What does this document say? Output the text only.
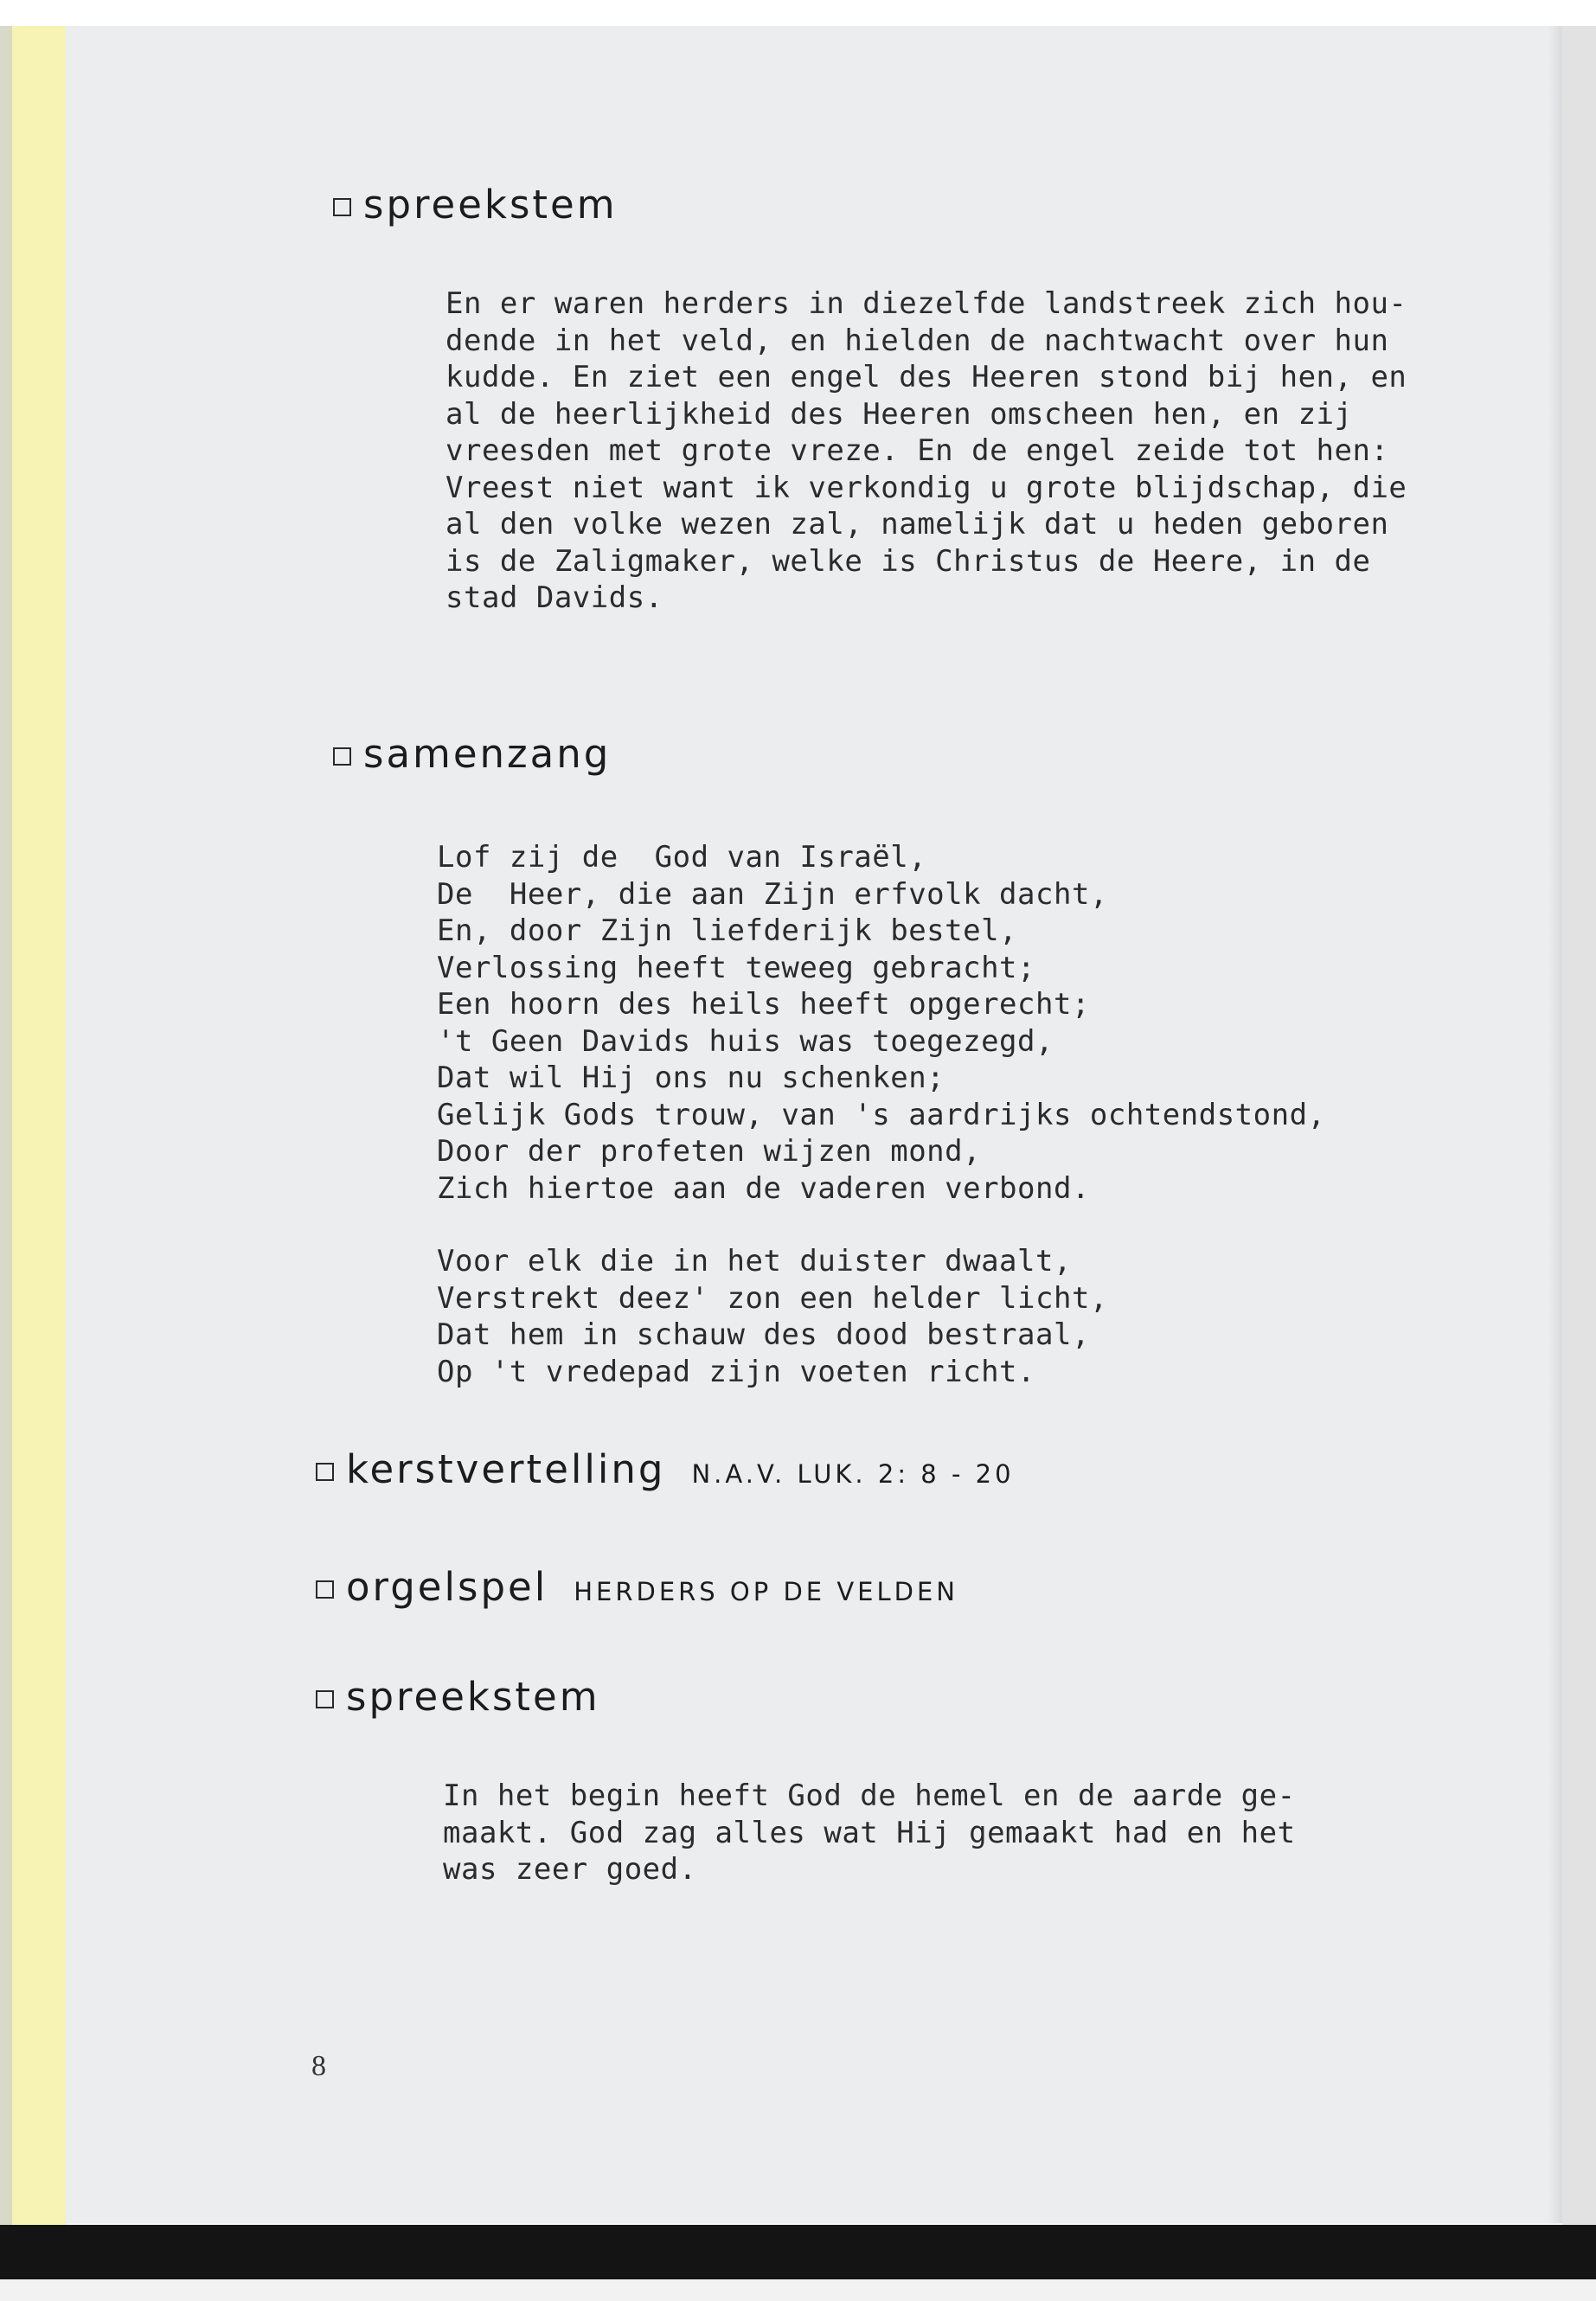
spreekstem
En er waren herders in diezelfde landstreek zich hou-
dende in het veld, en hielden de nachtwacht over hun
kudde. En ziet een engel des Heeren stond bij hen, en
al de heerlijkheid des Heeren omscheen hen, en zij
vreesden met grote vreze. En de engel zeide tot hen:
Vreest niet want ik verkondig u grote blijdschap, die
al den volke wezen zal, namelijk dat u heden geboren
is de Zaligmaker, welke is Christus de Heere, in de
stad Davids.
samenzang
Lof zij de  God van Israël,
De  Heer, die aan Zijn erfvolk dacht,
En, door Zijn liefderijk bestel,
Verlossing heeft teweeg gebracht;
Een hoorn des heils heeft opgerecht;
't Geen Davids huis was toegezegd,
Dat wil Hij ons nu schenken;
Gelijk Gods trouw, van 's aardrijks ochtendstond,
Door der profeten wijzen mond,
Zich hiertoe aan de vaderen verbond.
Voor elk die in het duister dwaalt,
Verstrekt deez' zon een helder licht,
Dat hem in schauw des dood bestraal,
Op 't vredepad zijn voeten richt.
kerstvertelling N.A.V. LUK. 2: 8 - 20
orgelspel HERDERS OP DE VELDEN
spreekstem
In het begin heeft God de hemel en de aarde ge-
maakt. God zag alles wat Hij gemaakt had en het
was zeer goed.
8
